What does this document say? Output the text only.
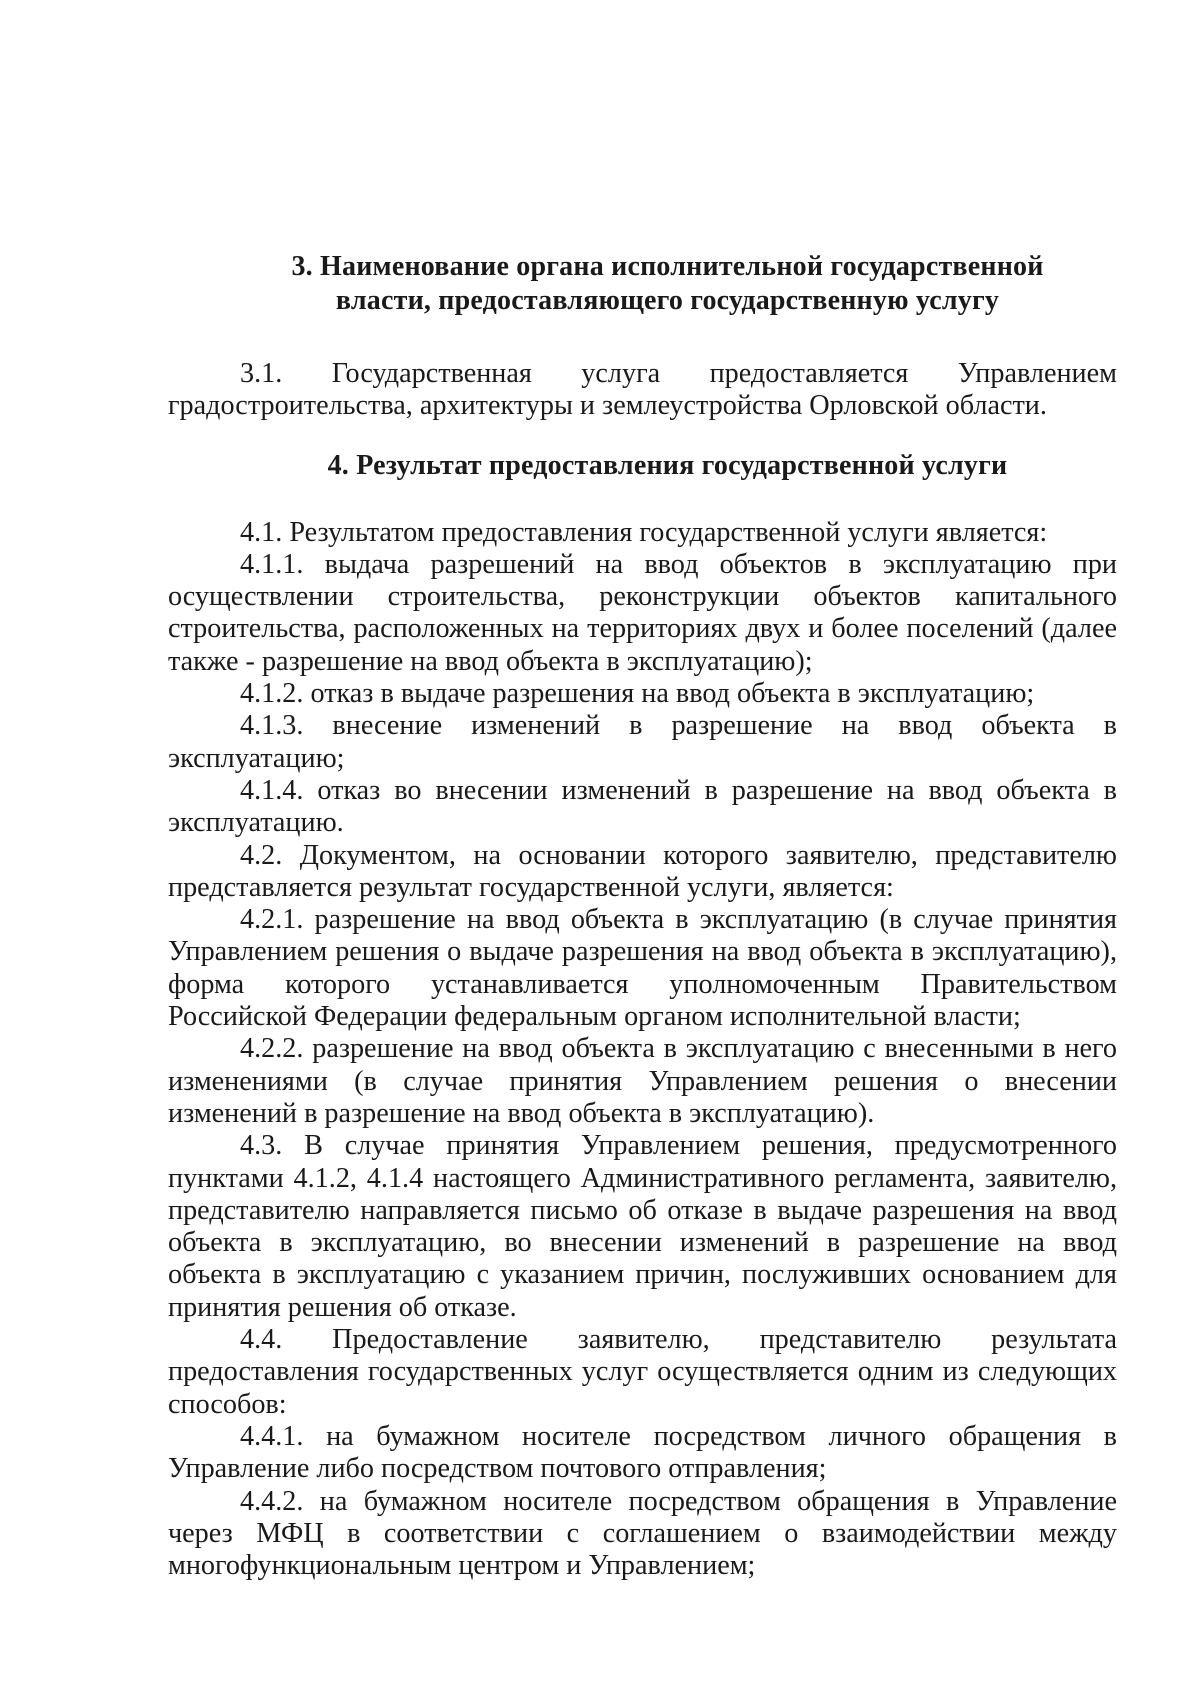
3. Наименование органа исполнительной государственной
власти, предоставляющего государственную услугу

3.1. Государственная услуга предоставляется Управлением градостроительства, архитектуры и землеустройства Орловской области.

4. Результат предоставления государственной услуги

4.1. Результатом предоставления государственной услуги является:

4.1.1. выдача разрешений на ввод объектов в эксплуатацию при осуществлении строительства, реконструкции объектов капитального строительства, расположенных на территориях двух и более поселений (далее также - разрешение на ввод объекта в эксплуатацию);

4.1.2. отказ в выдаче разрешения на ввод объекта в эксплуатацию;

4.1.3. внесение изменений в разрешение на ввод объекта в эксплуатацию;

4.1.4. отказ во внесении изменений в разрешение на ввод объекта в эксплуатацию.

4.2. Документом, на основании которого заявителю, представителю представляется результат государственной услуги, является:

4.2.1. разрешение на ввод объекта в эксплуатацию (в случае принятия Управлением решения о выдаче разрешения на ввод объекта в эксплуатацию), форма которого устанавливается уполномоченным Правительством Российской Федерации федеральным органом исполнительной власти;

4.2.2. разрешение на ввод объекта в эксплуатацию с внесенными в него изменениями (в случае принятия Управлением решения о внесении изменений в разрешение на ввод объекта в эксплуатацию).

4.3. В случае принятия Управлением решения, предусмотренного пунктами 4.1.2, 4.1.4 настоящего Административного регламента, заявителю, представителю направляется письмо об отказе в выдаче разрешения на ввод объекта в эксплуатацию, во внесении изменений в разрешение на ввод объекта в эксплуатацию с указанием причин, послуживших основанием для принятия решения об отказе.

4.4. Предоставление заявителю, представителю результата предоставления государственных услуг осуществляется одним из следующих способов:

4.4.1. на бумажном носителе посредством личного обращения в Управление либо посредством почтового отправления;

4.4.2. на бумажном носителе посредством обращения в Управление через МФЦ в соответствии с соглашением о взаимодействии между многофункциональным центром и Управлением;
